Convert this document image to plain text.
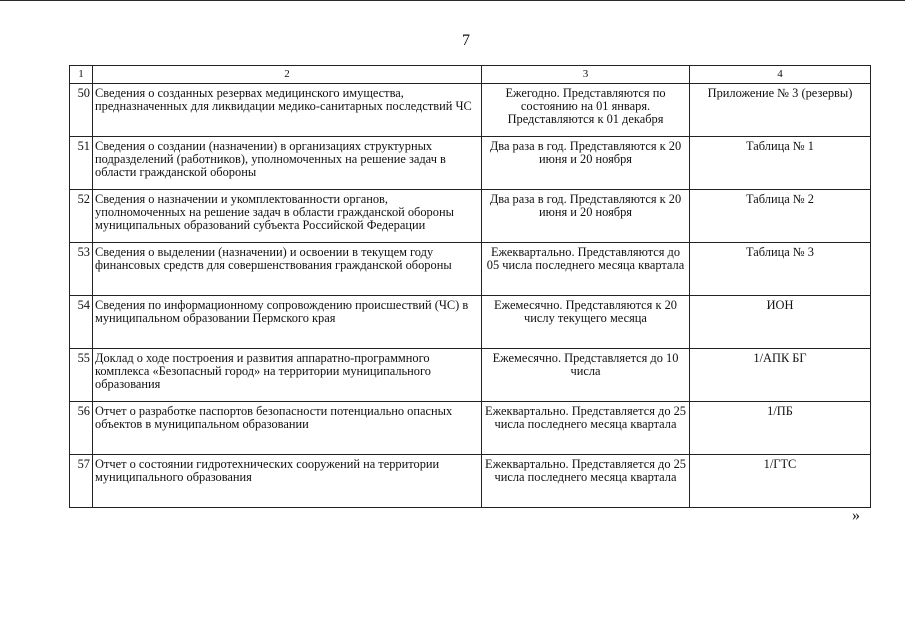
7
1	2	3	4
50	Сведения о созданных резервах медицинского имущества, предназначенных для ликвидации медико-санитарных последствий ЧС	Ежегодно. Представляются по состоянию на 01 января. Представляются к 01 декабря	Приложение № 3 (резервы)
51	Сведения о создании (назначении) в организациях структурных подразделений (работников), уполномоченных на решение задач в области гражданской обороны	Два раза в год. Представляются к 20 июня и 20 ноября	Таблица № 1
52	Сведения о назначении и укомплектованности органов, уполномоченных на решение задач в области гражданской обороны муниципальных образований субъекта Российской Федерации	Два раза в год. Представляются к 20 июня и 20 ноября	Таблица № 2
53	Сведения о выделении (назначении) и освоении в текущем году финансовых средств для совершенствования гражданской обороны	Ежеквартально. Представляются до 05 числа последнего месяца квартала	Таблица № 3
54	Сведения по информационному сопровождению происшествий (ЧС) в муниципальном образовании Пермского края	Ежемесячно. Представляются к 20 числу текущего месяца	ИОН
55	Доклад о ходе построения и развития аппаратно-программного комплекса «Безопасный город» на территории муниципального образования	Ежемесячно. Представляется до 10 числа	1/АПК БГ
56	Отчет о разработке паспортов безопасности потенциально опасных объектов в муниципальном образовании	Ежеквартально. Представляется до 25 числа последнего месяца квартала	1/ПБ
57	Отчет о состоянии гидротехнических сооружений на территории муниципального образования	Ежеквартально. Представляется до 25 числа последнего месяца квартала	1/ГТС
»
